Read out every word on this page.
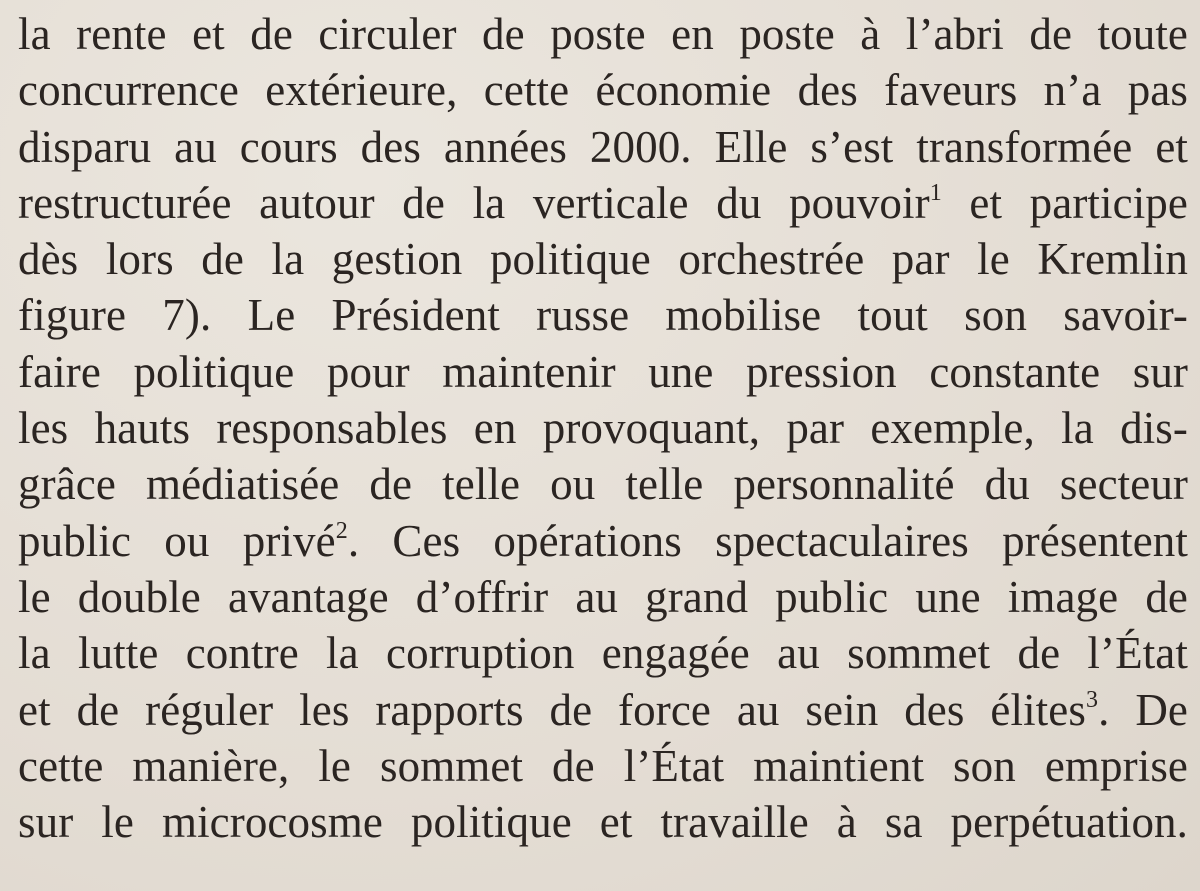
la rente et de circuler de poste en poste à l’abri de toute
concurrence extérieure, cette économie des faveurs n’a pas
disparu au cours des années 2000. Elle s’est transformée et
restructurée autour de la verticale du pouvoir$^1$ et participe
dès lors de la gestion politique orchestrée par le Kremlin
figure 7). Le Président russe mobilise tout son savoir-
faire politique pour maintenir une pression constante sur
les hauts responsables en provoquant, par exemple, la dis-
grâce médiatisée de telle ou telle personnalité du secteur
public ou privé$^2$. Ces opérations spectaculaires présentent
le double avantage d’offrir au grand public une image de
la lutte contre la corruption engagée au sommet de l’État
et de réguler les rapports de force au sein des élites$^3$. De
cette manière, le sommet de l’État maintient son emprise
sur le microcosme politique et travaille à sa perpétuation.
